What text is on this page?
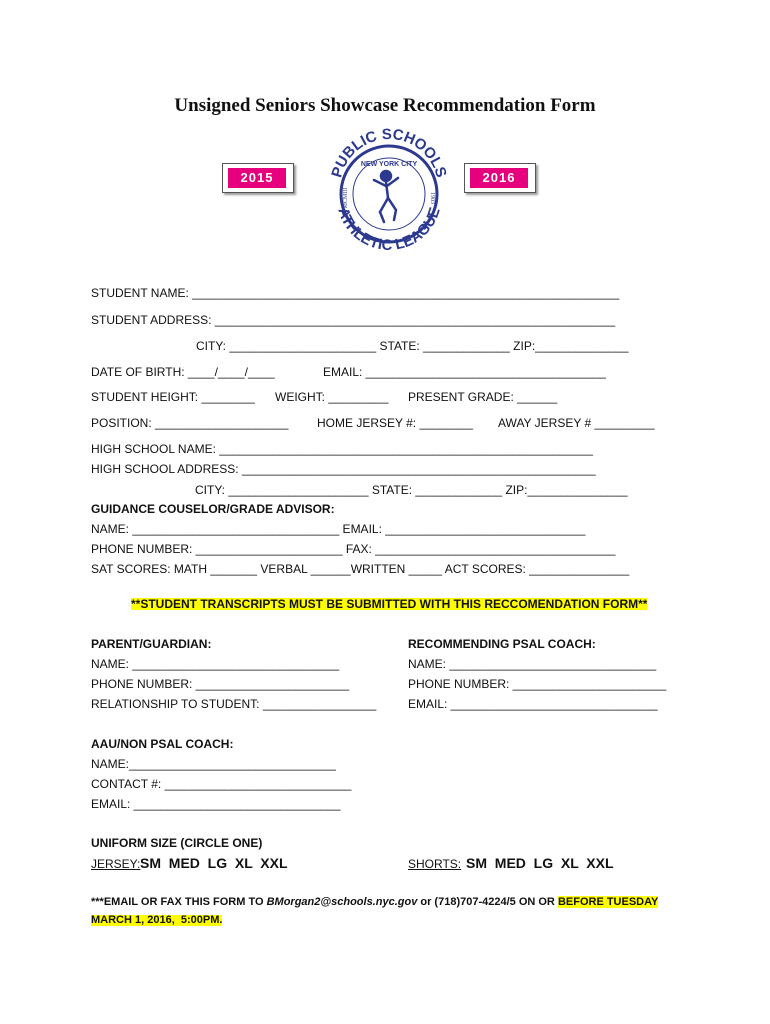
Unsigned Seniors Showcase Recommendation Form
2015	2016
PUBLIC SCHOOLS
NEW YORK CITY
MCMIII	1903
ATHLETIC LEAGUE
STUDENT NAME: ________________________________________________________________
STUDENT ADDRESS: ____________________________________________________________
CITY: ______________________ STATE: _____________ ZIP:______________
DATE OF BIRTH: ____/____/____	EMAIL: ____________________________________
STUDENT HEIGHT: ________ WEIGHT: _________ PRESENT GRADE: ______
POSITION: ____________________ HOME JERSEY #: ________ AWAY JERSEY # _________
HIGH SCHOOL NAME: ________________________________________________________
HIGH SCHOOL ADDRESS: _____________________________________________________
CITY: _____________________ STATE: _____________ ZIP:_______________
GUIDANCE COUSELOR/GRADE ADVISOR:
NAME: _______________________________ EMAIL: ______________________________
PHONE NUMBER: ______________________ FAX: ____________________________________
SAT SCORES: MATH _______ VERBAL ______WRITTEN _____ ACT SCORES: _______________
**STUDENT TRANSCRIPTS MUST BE SUBMITTED WITH THIS RECCOMENDATION FORM**
PARENT/GUARDIAN:
NAME: _______________________________
PHONE NUMBER: _______________________
RELATIONSHIP TO STUDENT: _________________
RECOMMENDING PSAL COACH:
NAME: _______________________________
PHONE NUMBER: _______________________
EMAIL: _______________________________
AAU/NON PSAL COACH:
NAME:_______________________________
CONTACT #: ____________________________
EMAIL: _______________________________
UNIFORM SIZE (CIRCLE ONE)
JERSEY: SM  MED  LG  XL  XXL	SHORTS: SM  MED  LG  XL  XXL
***EMAIL OR FAX THIS FORM TO BMorgan2@schools.nyc.gov or (718)707-4224/5 ON OR BEFORE TUESDAY
MARCH 1, 2016,  5:00PM.
